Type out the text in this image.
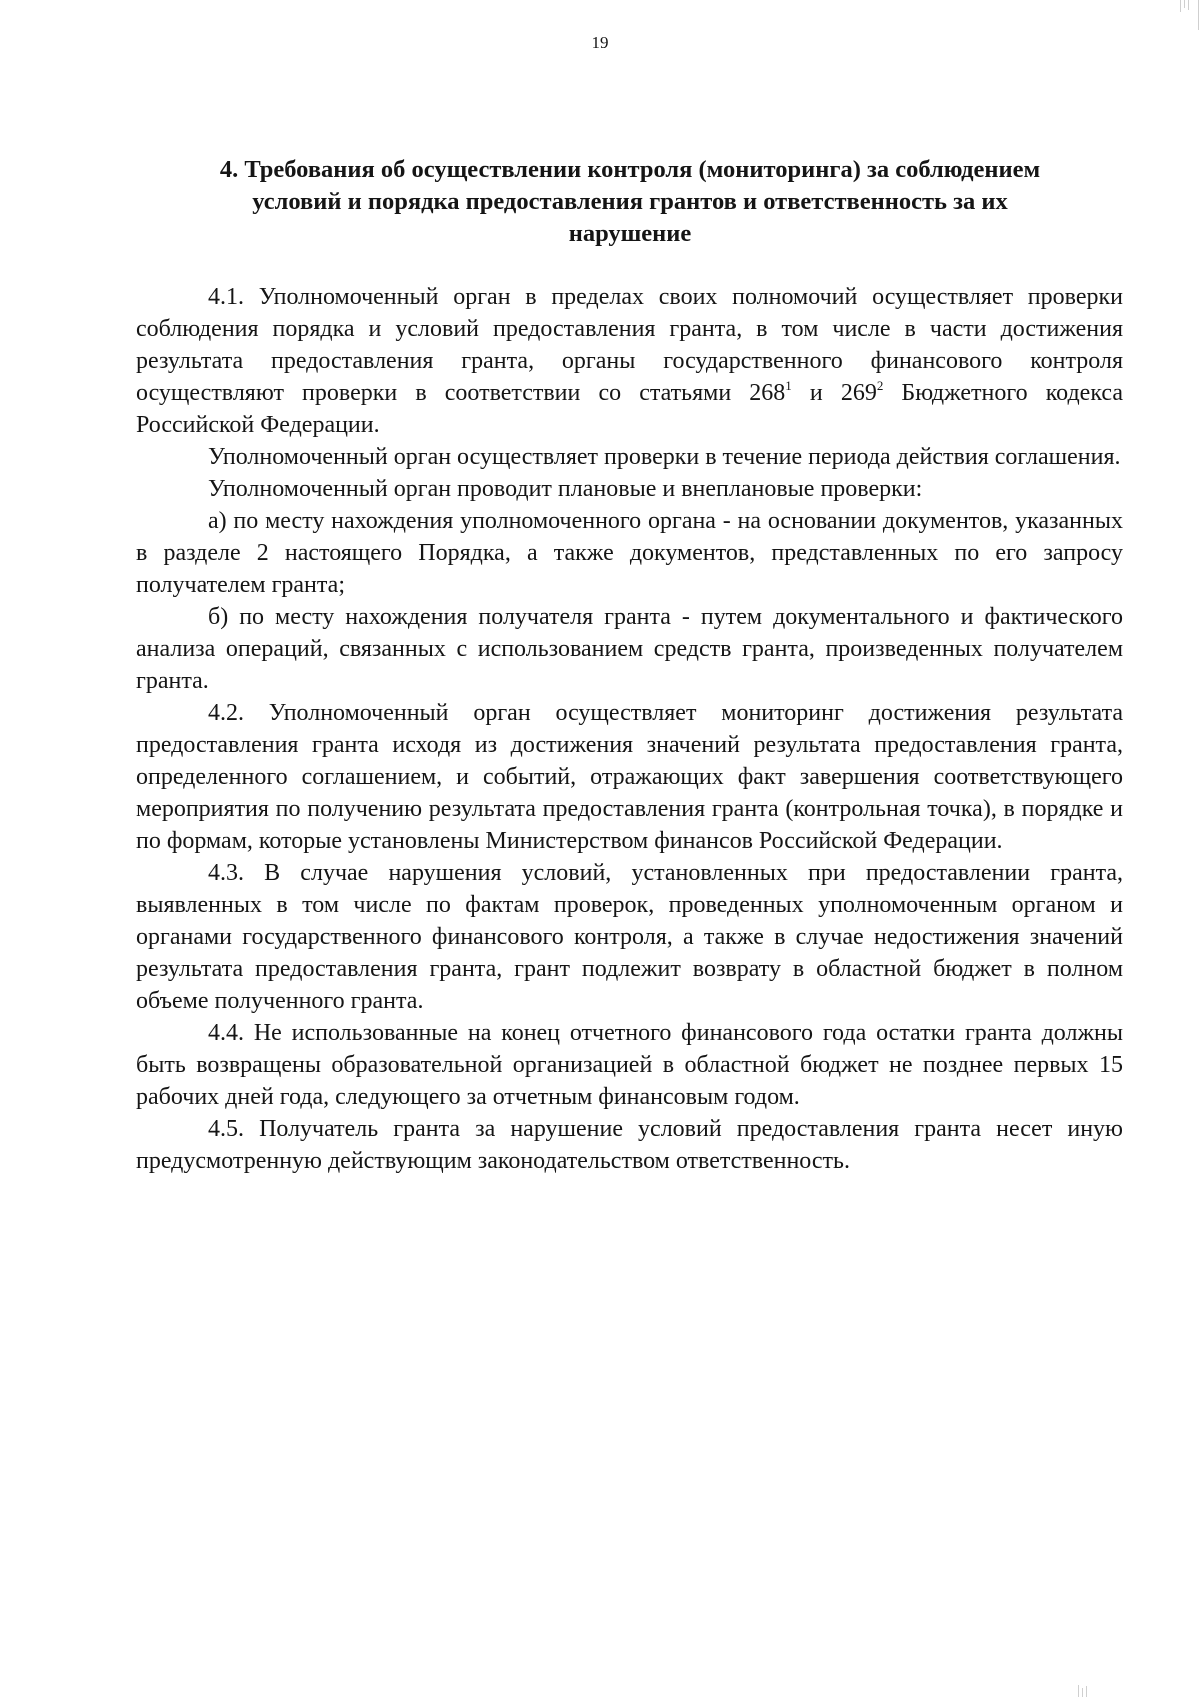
19
4. Требования об осуществлении контроля (мониторинга) за соблюдением
условий и порядка предоставления грантов и ответственность за их
нарушение

4.1. Уполномоченный орган в пределах своих полномочий осуществляет проверки соблюдения порядка и условий предоставления гранта, в том числе в части достижения результата предоставления гранта, органы государственного финансового контроля осуществляют проверки в соответствии со статьями $268^1$ и $269^2$ Бюджетного кодекса Российской Федерации.

Уполномоченный орган осуществляет проверки в течение периода действия соглашения.

Уполномоченный орган проводит плановые и внеплановые проверки:

а) по месту нахождения уполномоченного органа - на основании документов, указанных в разделе 2 настоящего Порядка, а также документов, представленных по его запросу получателем гранта;

б) по месту нахождения получателя гранта - путем документального и фактического анализа операций, связанных с использованием средств гранта, произведенных получателем гранта.

4.2. Уполномоченный орган осуществляет мониторинг достижения результата предоставления гранта исходя из достижения значений результата предоставления гранта, определенного соглашением, и событий, отражающих факт завершения соответствующего мероприятия по получению результата предоставления гранта (контрольная точка), в порядке и по формам, которые установлены Министерством финансов Российской Федерации.

4.3. В случае нарушения условий, установленных при предоставлении гранта, выявленных в том числе по фактам проверок, проведенных уполномоченным органом и органами государственного финансового контроля, а также в случае недостижения значений результата предоставления гранта, грант подлежит возврату в областной бюджет в полном объеме полученного гранта.

4.4. Не использованные на конец отчетного финансового года остатки гранта должны быть возвращены образовательной организацией в областной бюджет не позднее первых 15 рабочих дней года, следующего за отчетным финансовым годом.

4.5. Получатель гранта за нарушение условий предоставления гранта несет иную предусмотренную действующим законодательством ответственность.
